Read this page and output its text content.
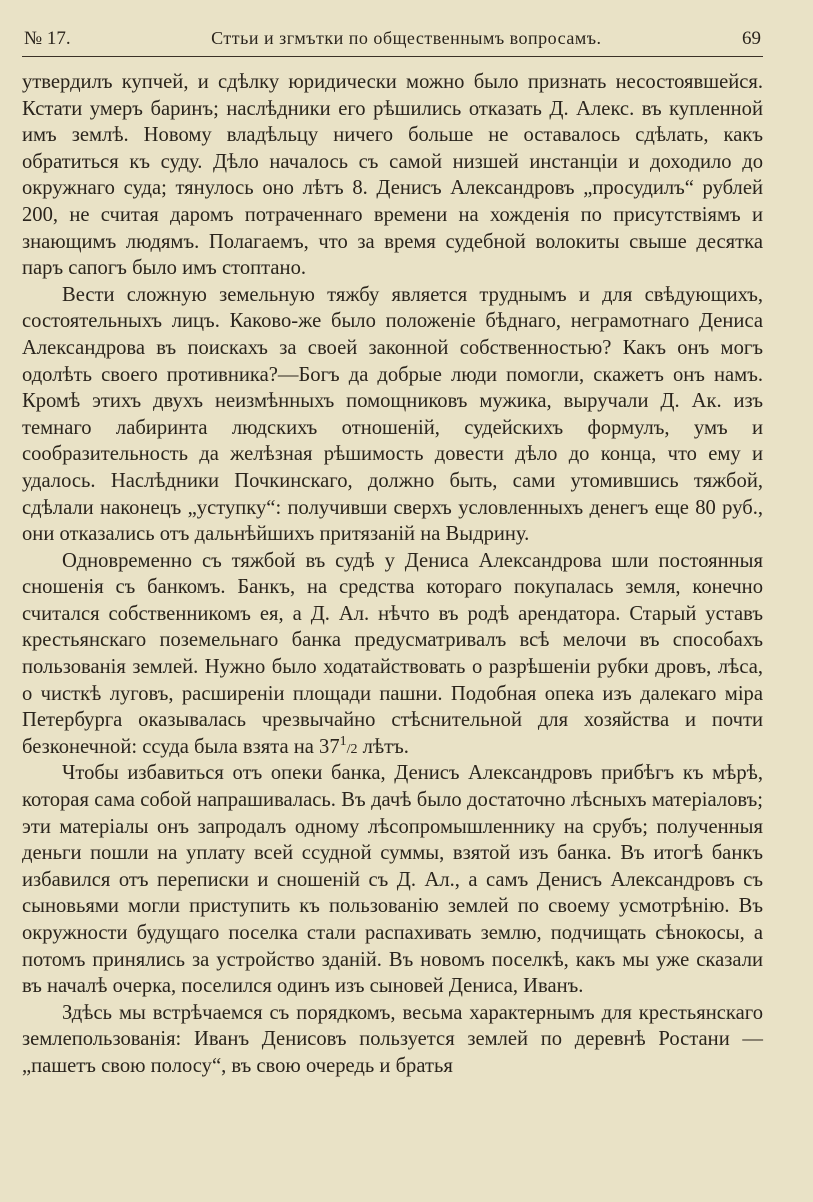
№ 17.	Сттьи и згмътки по общественнымъ вопросамъ.	69

утвердилъ купчей, и сдѣлку юридически можно было признать несостоявшейся. Кстати умеръ баринъ; наслѣдники его рѣшились отказать Д. Алекс. въ купленной имъ землѣ. Новому владѣльцу ничего больше не оставалось сдѣлать, какъ обратиться къ суду. Дѣло началось съ самой низшей инстанціи и доходило до окружнаго суда; тянулось оно лѣтъ 8. Денисъ Александровъ „просудилъ“ рублей 200, не считая даромъ потраченнаго времени на хожденія по присутствіямъ и знающимъ людямъ. Полагаемъ, что за время судебной волокиты свыше десятка паръ сапогъ было имъ стоптано.

Вести сложную земельную тяжбу является труднымъ и для свѣдующихъ, состоятельныхъ лицъ. Каково-же было положеніе бѣднаго, неграмотнаго Дениса Александрова въ поискахъ за своей законной собственностью? Какъ онъ могъ одолѣть своего противника?—Богъ да добрые люди помогли, скажетъ онъ намъ. Кромѣ этихъ двухъ неизмѣнныхъ помощниковъ мужика, выручали Д. Ак. изъ темнаго лабиринта людскихъ отношеній, судейскихъ формулъ, умъ и сообразительность да желѣзная рѣшимость довести дѣло до конца, что ему и удалось. Наслѣдники Почкинскаго, должно быть, сами утомившись тяжбой, сдѣлали наконецъ „уступку“: получивши сверхъ условленныхъ денегъ еще 80 руб., они отказались отъ дальнѣйшихъ притязаній на Выдрину.

Одновременно съ тяжбой въ судѣ у Дениса Александрова шли постоянныя сношенія съ банкомъ. Банкъ, на средства котораго покупалась земля, конечно считался собственникомъ ея, а Д. Ал. нѣчто въ родѣ арендатора. Старый уставъ крестьянскаго поземельнаго банка предусматривалъ всѣ мелочи въ способахъ пользованія землей. Нужно было ходатайствовать о разрѣшеніи рубки дровъ, лѣса, о чисткѣ луговъ, расширеніи площади пашни. Подобная опека изъ далекаго міра Петербурга оказывалась чрезвычайно стѣснительной для хозяйства и почти безконечной: ссуда была взята на $37^1/2$ лѣтъ.

Чтобы избавиться отъ опеки банка, Денисъ Александровъ прибѣгъ къ мѣрѣ, которая сама собой напрашивалась. Въ дачѣ было достаточно лѣсныхъ матеріаловъ; эти матеріалы онъ запродалъ одному лѣсопромышленнику на срубъ; полученныя деньги пошли на уплату всей ссудной суммы, взятой изъ банка. Въ итогѣ банкъ избавился отъ переписки и сношеній съ Д. Ал., а самъ Денисъ Александровъ съ сыновьями могли приступить къ пользованію землей по своему усмотрѣнію. Въ окружности будущаго поселка стали распахивать землю, подчищать сѣнокосы, а потомъ принялись за устройство зданій. Въ новомъ поселкѣ, какъ мы уже сказали въ началѣ очерка, поселился одинъ изъ сыновей Дениса, Иванъ.

Здѣсь мы встрѣчаемся съ порядкомъ, весьма характернымъ для крестьянскаго землепользованія: Иванъ Денисовъ пользуется землей по деревнѣ Ростани — „пашетъ свою полосу“, въ свою очередь и братья
